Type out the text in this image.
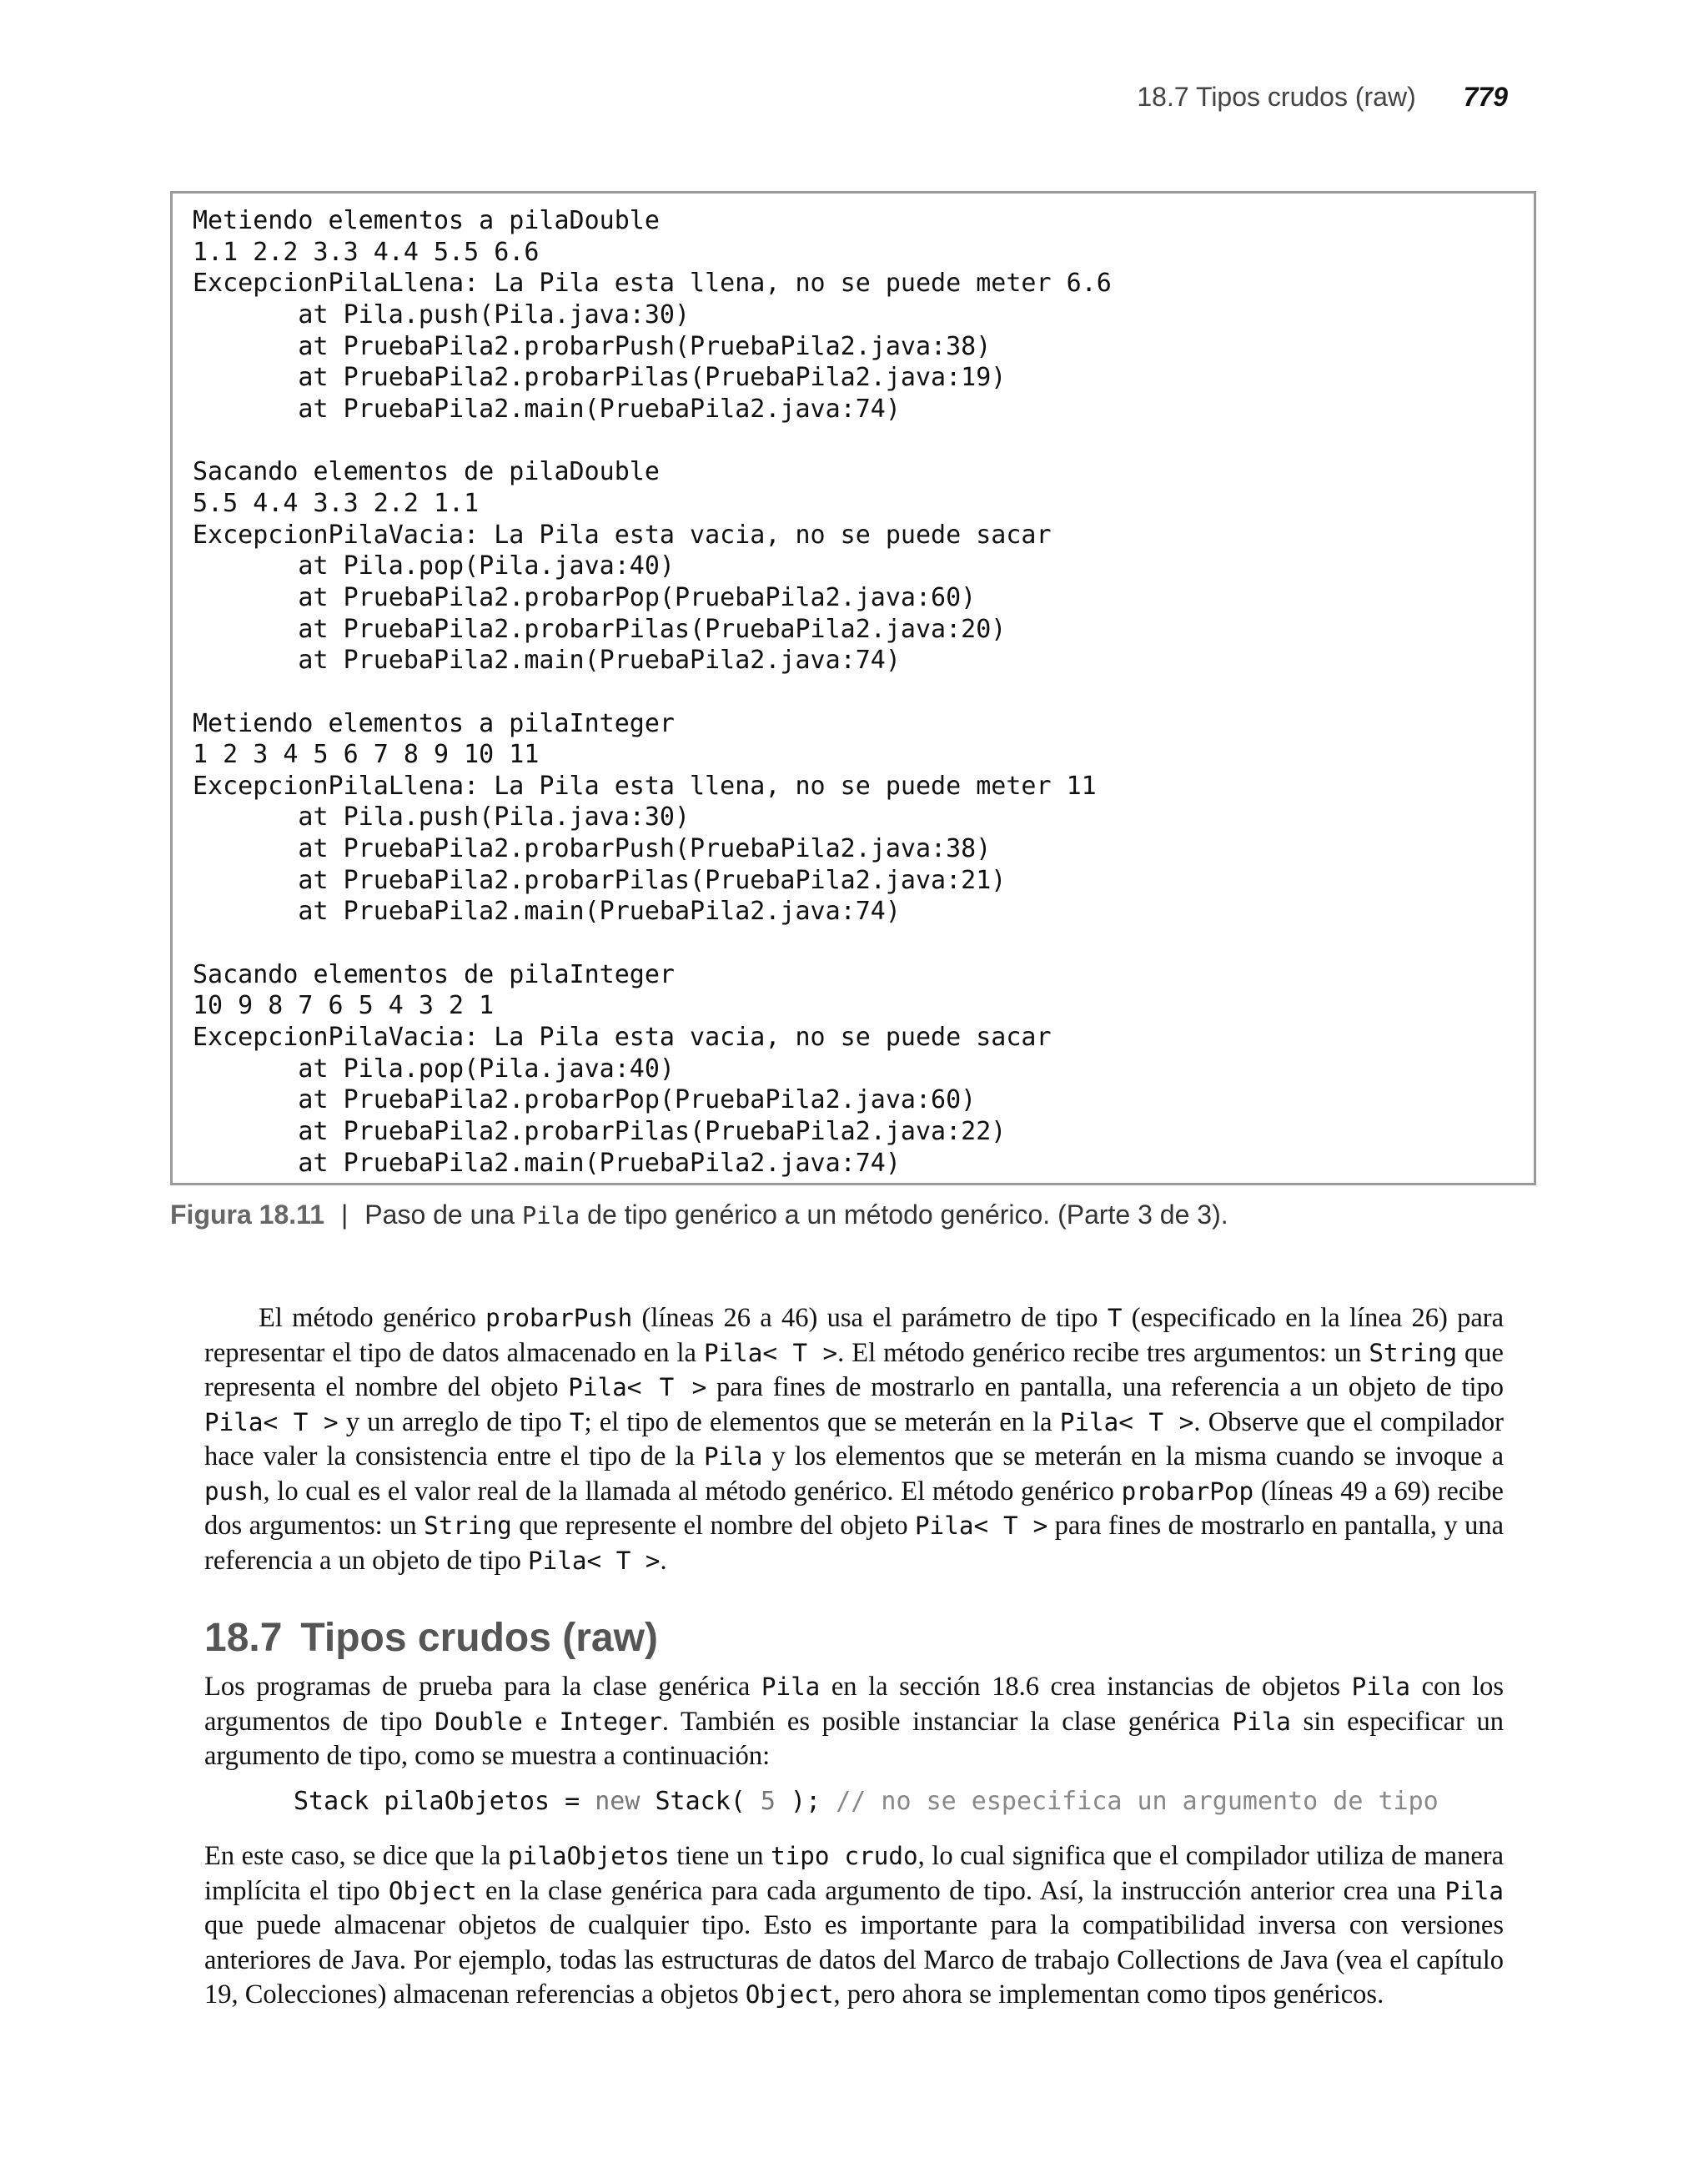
18.7 Tipos crudos (raw) 779
Metiendo elementos a pilaDouble
1.1 2.2 3.3 4.4 5.5 6.6
ExcepcionPilaLlena: La Pila esta llena, no se puede meter 6.6
at Pila.push(Pila.java:30)
at PruebaPila2.probarPush(PruebaPila2.java:38)
at PruebaPila2.probarPilas(PruebaPila2.java:19)
at PruebaPila2.main(PruebaPila2.java:74)

Sacando elementos de pilaDouble
5.5 4.4 3.3 2.2 1.1
ExcepcionPilaVacia: La Pila esta vacia, no se puede sacar
at Pila.pop(Pila.java:40)
at PruebaPila2.probarPop(PruebaPila2.java:60)
at PruebaPila2.probarPilas(PruebaPila2.java:20)
at PruebaPila2.main(PruebaPila2.java:74)

Metiendo elementos a pilaInteger
1 2 3 4 5 6 7 8 9 10 11
ExcepcionPilaLlena: La Pila esta llena, no se puede meter 11
at Pila.push(Pila.java:30)
at PruebaPila2.probarPush(PruebaPila2.java:38)
at PruebaPila2.probarPilas(PruebaPila2.java:21)
at PruebaPila2.main(PruebaPila2.java:74)

Sacando elementos de pilaInteger
10 9 8 7 6 5 4 3 2 1
ExcepcionPilaVacia: La Pila esta vacia, no se puede sacar
at Pila.pop(Pila.java:40)
at PruebaPila2.probarPop(PruebaPila2.java:60)
at PruebaPila2.probarPilas(PruebaPila2.java:22)
at PruebaPila2.main(PruebaPila2.java:74)
Figura 18.11 | Paso de una Pila de tipo genérico a un método genérico. (Parte 3 de 3).

El método genérico probarPush (líneas 26 a 46) usa el parámetro de tipo T (especificado en la línea 26) para representar el tipo de datos almacenado en la Pila< T >. El método genérico recibe tres argumentos: un String que representa el nombre del objeto Pila< T > para fines de mostrarlo en pantalla, una referencia a un objeto de tipo Pila< T > y un arreglo de tipo T; el tipo de elementos que se meterán en la Pila< T >. Observe que el compilador hace valer la consistencia entre el tipo de la Pila y los elementos que se meterán en la misma cuando se invoque a push, lo cual es el valor real de la llamada al método genérico. El método genérico probarPop (líneas 49 a 69) recibe dos argumentos: un String que represente el nombre del objeto Pila< T > para fines de mostrarlo en pantalla, y una referencia a un objeto de tipo Pila< T >.

18.7 Tipos crudos (raw)

Los programas de prueba para la clase genérica Pila en la sección 18.6 crea instancias de objetos Pila con los argumentos de tipo Double e Integer. También es posible instanciar la clase genérica Pila sin especificar un argumento de tipo, como se muestra a continuación:

Stack pilaObjetos = new Stack( 5 ); // no se especifica un argumento de tipo

En este caso, se dice que la pilaObjetos tiene un tipo crudo, lo cual significa que el compilador utiliza de manera implícita el tipo Object en la clase genérica para cada argumento de tipo. Así, la instrucción anterior crea una Pila que puede almacenar objetos de cualquier tipo. Esto es importante para la compatibilidad inversa con versiones anteriores de Java. Por ejemplo, todas las estructuras de datos del Marco de trabajo Collections de Java (vea el capítulo 19, Colecciones) almacenan referencias a objetos Object, pero ahora se implementan como tipos genéricos.
